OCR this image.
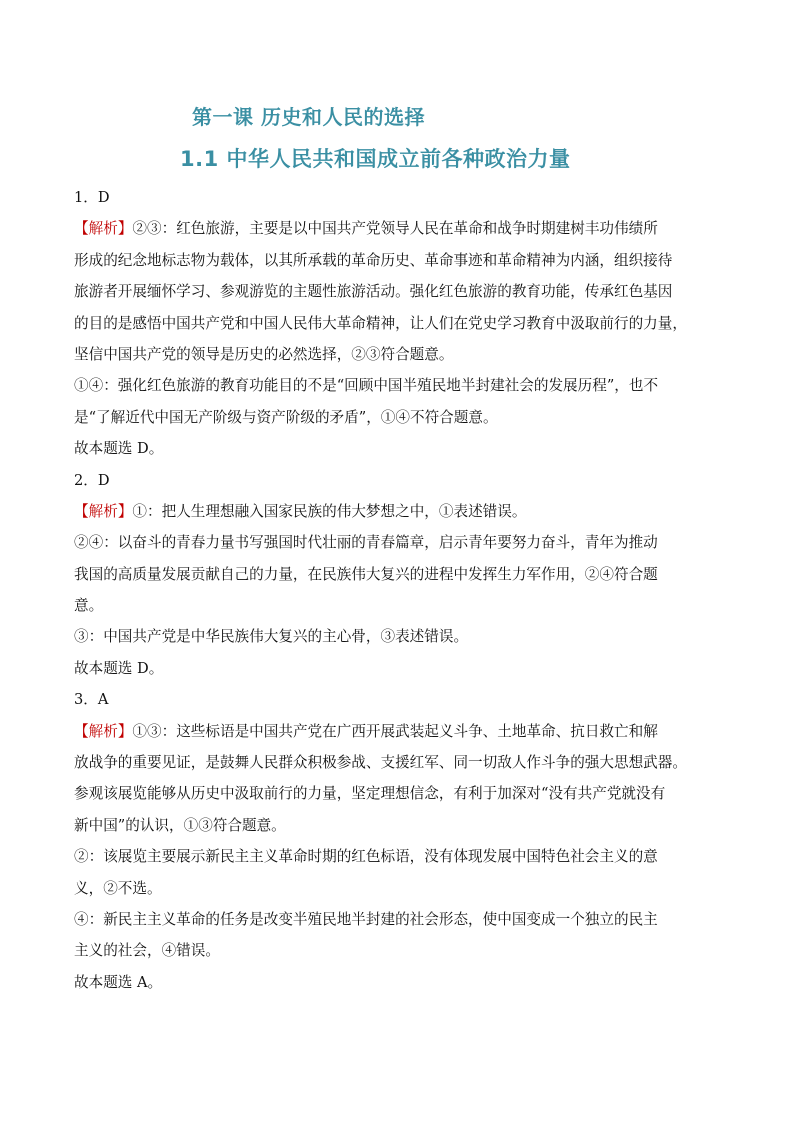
第一课 历史和人民的选择
1.1 中华人民共和国成立前各种政治力量
1．D
【解析】②③：红色旅游，主要是以中国共产党领导人民在革命和战争时期建树丰功伟绩所
形成的纪念地标志物为载体，以其所承载的革命历史、革命事迹和革命精神为内涵，组织接待
旅游者开展缅怀学习、参观游览的主题性旅游活动。强化红色旅游的教育功能，传承红色基因
的目的是感悟中国共产党和中国人民伟大革命精神，让人们在党史学习教育中汲取前行的力量，
坚信中国共产党的领导是历史的必然选择，②③符合题意。
①④：强化红色旅游的教育功能目的不是“回顾中国半殖民地半封建社会的发展历程”，也不
是“了解近代中国无产阶级与资产阶级的矛盾”，①④不符合题意。
故本题选 D。
2．D
【解析】①：把人生理想融入国家民族的伟大梦想之中，①表述错误。
②④：以奋斗的青春力量书写强国时代壮丽的青春篇章，启示青年要努力奋斗，青年为推动
我国的高质量发展贡献自己的力量，在民族伟大复兴的进程中发挥生力军作用，②④符合题
意。
③：中国共产党是中华民族伟大复兴的主心骨，③表述错误。
故本题选 D。
3．A
【解析】①③：这些标语是中国共产党在广西开展武装起义斗争、土地革命、抗日救亡和解
放战争的重要见证，是鼓舞人民群众积极参战、支援红军、同一切敌人作斗争的强大思想武器。
参观该展览能够从历史中汲取前行的力量，坚定理想信念，有利于加深对“没有共产党就没有
新中国”的认识，①③符合题意。
②：该展览主要展示新民主主义革命时期的红色标语，没有体现发展中国特色社会主义的意
义，②不选。
④：新民主主义革命的任务是改变半殖民地半封建的社会形态，使中国变成一个独立的民主
主义的社会，④错误。
故本题选 A。
